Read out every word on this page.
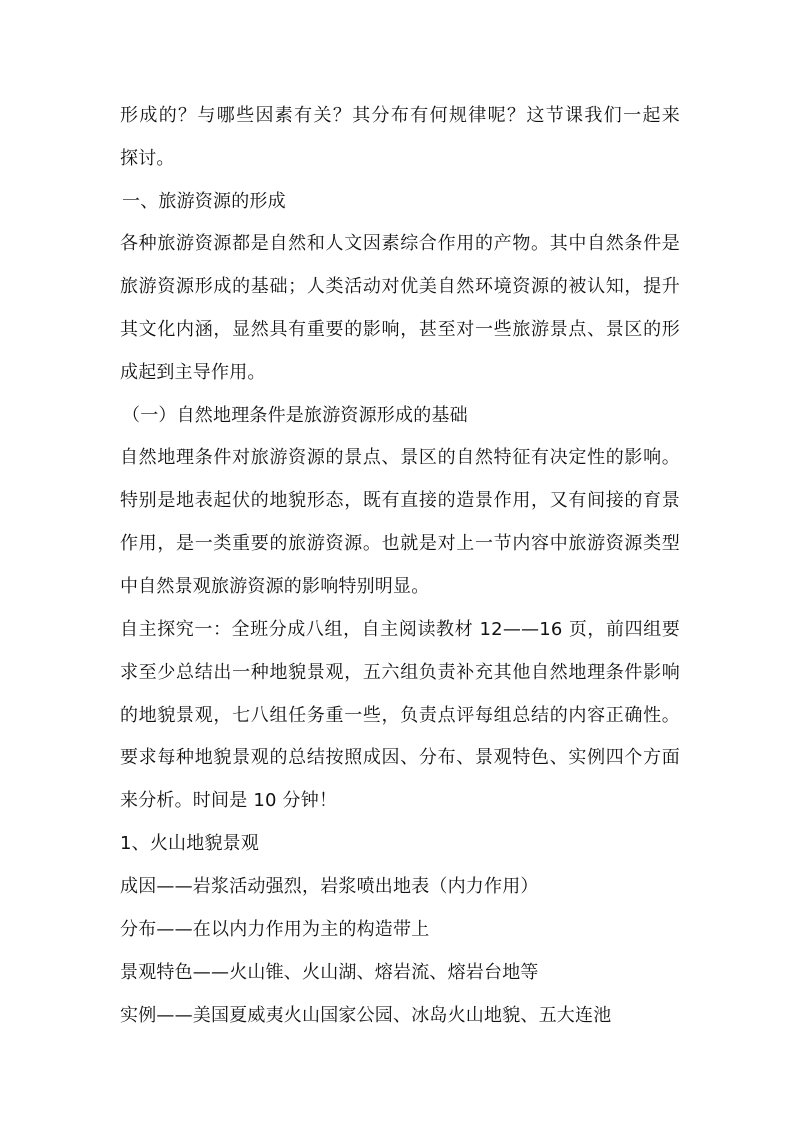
形成的？与哪些因素有关？其分布有何规律呢？这节课我们一起来
探讨。
一、旅游资源的形成
各种旅游资源都是自然和人文因素综合作用的产物。其中自然条件是
旅游资源形成的基础；人类活动对优美自然环境资源的被认知，提升
其文化内涵，显然具有重要的影响，甚至对一些旅游景点、景区的形
成起到主导作用。
（一）自然地理条件是旅游资源形成的基础
自然地理条件对旅游资源的景点、景区的自然特征有决定性的影响。
特别是地表起伏的地貌形态，既有直接的造景作用，又有间接的育景
作用，是一类重要的旅游资源。也就是对上一节内容中旅游资源类型
中自然景观旅游资源的影响特别明显。
自主探究一：全班分成八组，自主阅读教材 12——16 页，前四组要
求至少总结出一种地貌景观，五六组负责补充其他自然地理条件影响
的地貌景观，七八组任务重一些，负责点评每组总结的内容正确性。
要求每种地貌景观的总结按照成因、分布、景观特色、实例四个方面
来分析。时间是 10 分钟！
1、火山地貌景观
成因——岩浆活动强烈，岩浆喷出地表（内力作用）
分布——在以内力作用为主的构造带上
景观特色——火山锥、火山湖、熔岩流、熔岩台地等
实例——美国夏威夷火山国家公园、冰岛火山地貌、五大连池
